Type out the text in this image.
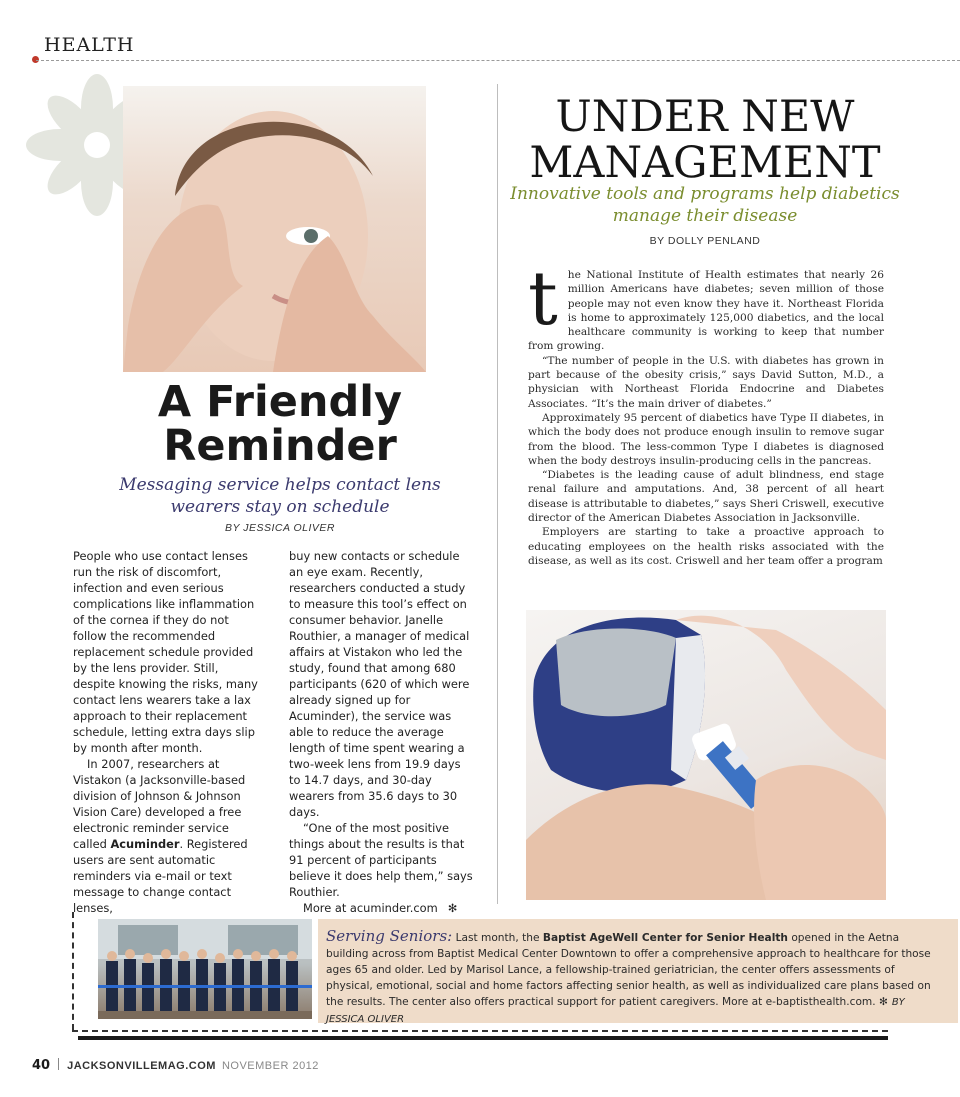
HEALTH
A Friendly Reminder
Messaging service helps contact lens wearers stay on schedule
BY JESSICA OLIVER

People who use contact lenses run the risk of discomfort, infection and even serious complications like inflammation of the cornea if they do not follow the recommended replacement schedule provided by the lens provider. Still, despite knowing the risks, many contact lens wearers take a lax approach to their replacement schedule, letting extra days slip by month after month.

In 2007, researchers at Vistakon (a Jacksonville-based division of Johnson & Johnson Vision Care) developed a free electronic reminder service called Acuminder. Registered users are sent automatic reminders via e-mail or text message to change contact lenses,

buy new contacts or schedule an eye exam. Recently, researchers conducted a study to measure this tool’s effect on consumer behavior. Janelle Routhier, a manager of medical affairs at Vistakon who led the study, found that among 680 participants (620 of which were already signed up for Acuminder), the service was able to reduce the average length of time spent wearing a two-week lens from 19.9 days to 14.7 days, and 30-day wearers from 35.6 days to 30 days.

“One of the most positive things about the results is that 91 percent of participants believe it does help them,” says Routhier.

More at acuminder.com ✻

UNDER NEW MANAGEMENT
Innovative tools and programs help diabetics manage their disease
BY DOLLY PENLAND

the National Institute of Health estimates that nearly 26 million Americans have diabetes; seven million of those people may not even know they have it. Northeast Florida is home to approximately 125,000 diabetics, and the local healthcare community is working to keep that number from growing.

“The number of people in the U.S. with diabetes has grown in part because of the obesity crisis,” says David Sutton, M.D., a physician with Northeast Florida Endocrine and Diabetes Associates. “It’s the main driver of diabetes.”

Approximately 95 percent of diabetics have Type II diabetes, in which the body does not produce enough insulin to remove sugar from the blood. The less-common Type I diabetes is diagnosed when the body destroys insulin-producing cells in the pancreas.

“Diabetes is the leading cause of adult blindness, end stage renal failure and amputations. And, 38 percent of all heart disease is attributable to diabetes,” says Sheri Criswell, executive director of the American Diabetes Association in Jacksonville.

Employers are starting to take a proactive approach to educating employees on the health risks associated with the disease, as well as its cost. Criswell and her team offer a program

Serving Seniors: Last month, the Baptist AgeWell Center for Senior Health opened in the Aetna building across from Baptist Medical Center Downtown to offer a comprehensive approach to healthcare for those ages 65 and older. Led by Marisol Lance, a fellowship-trained geriatrician, the center offers assessments of physical, emotional, social and home factors affecting senior health, as well as individualized care plans based on the results. The center also offers practical support for patient caregivers. More at e-baptisthealth.com. ✻ BY JESSICA OLIVER
40 JACKSONVILLEMAG.COM NOVEMBER 2012
